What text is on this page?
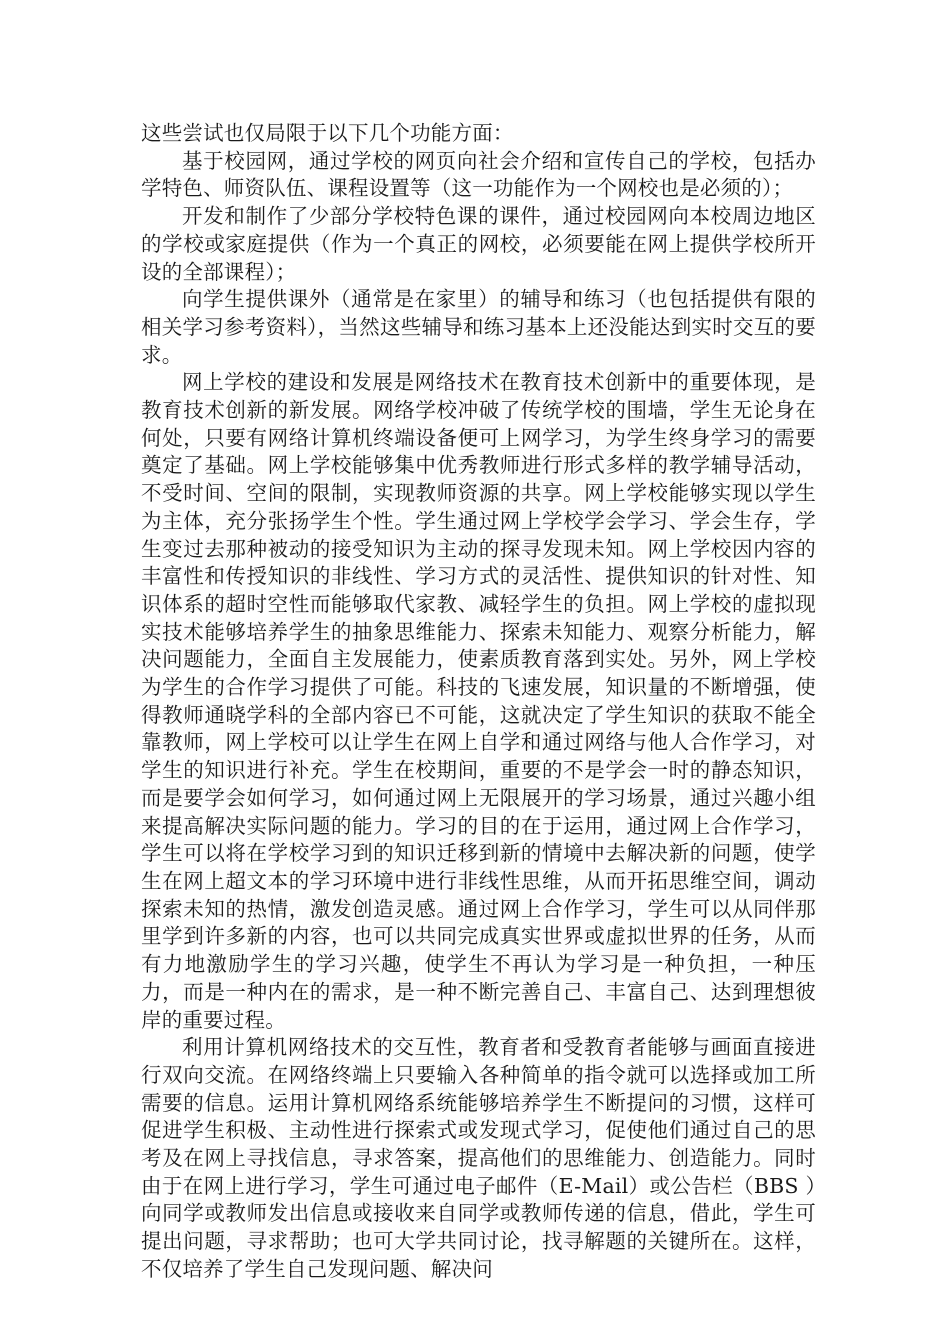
这些尝试也仅局限于以下几个功能方面：

基于校园网，通过学校的网页向社会介绍和宣传自己的学校，包括办学特色、师资队伍、课程设置等（这一功能作为一个网校也是必须的）；

开发和制作了少部分学校特色课的课件，通过校园网向本校周边地区的学校或家庭提供（作为一个真正的网校，必须要能在网上提供学校所开设的全部课程）；

向学生提供课外（通常是在家里）的辅导和练习（也包括提供有限的相关学习参考资料），当然这些辅导和练习基本上还没能达到实时交互的要求。

网上学校的建设和发展是网络技术在教育技术创新中的重要体现，是教育技术创新的新发展。网络学校冲破了传统学校的围墙，学生无论身在何处，只要有网络计算机终端设备便可上网学习，为学生终身学习的需要奠定了基础。网上学校能够集中优秀教师进行形式多样的教学辅导活动，不受时间、空间的限制，实现教师资源的共享。网上学校能够实现以学生为主体，充分张扬学生个性。学生通过网上学校学会学习、学会生存，学生变过去那种被动的接受知识为主动的探寻发现未知。网上学校因内容的丰富性和传授知识的非线性、学习方式的灵活性、提供知识的针对性、知识体系的超时空性而能够取代家教、减轻学生的负担。网上学校的虚拟现实技术能够培养学生的抽象思维能力、探索未知能力、观察分析能力，解决问题能力，全面自主发展能力，使素质教育落到实处。另外，网上学校为学生的合作学习提供了可能。科技的飞速发展，知识量的不断增强，使得教师通晓学科的全部内容已不可能，这就决定了学生知识的获取不能全靠教师，网上学校可以让学生在网上自学和通过网络与他人合作学习，对学生的知识进行补充。学生在校期间，重要的不是学会一时的静态知识，而是要学会如何学习，如何通过网上无限展开的学习场景，通过兴趣小组来提高解决实际问题的能力。学习的目的在于运用，通过网上合作学习，学生可以将在学校学习到的知识迁移到新的情境中去解决新的问题，使学生在网上超文本的学习环境中进行非线性思维，从而开拓思维空间，调动探索未知的热情，激发创造灵感。通过网上合作学习，学生可以从同伴那里学到许多新的内容，也可以共同完成真实世界或虚拟世界的任务，从而有力地激励学生的学习兴趣，使学生不再认为学习是一种负担，一种压力，而是一种内在的需求，是一种不断完善自己、丰富自己、达到理想彼岸的重要过程。

利用计算机网络技术的交互性，教育者和受教育者能够与画面直接进行双向交流。在网络终端上只要输入各种简单的指令就可以选择或加工所需要的信息。运用计算机网络系统能够培养学生不断提问的习惯，这样可促进学生积极、主动性进行探索式或发现式学习，促使他们通过自己的思考及在网上寻找信息，寻求答案，提高他们的思维能力、创造能力。同时由于在网上进行学习，学生可通过电子邮件（E-Mail）或公告栏（BBS ）向同学或教师发出信息或接收来自同学或教师传递的信息，借此，学生可提出问题，寻求帮助；也可大学共同讨论，找寻解题的关键所在。这样，不仅培养了学生自己发现问题、解决问
